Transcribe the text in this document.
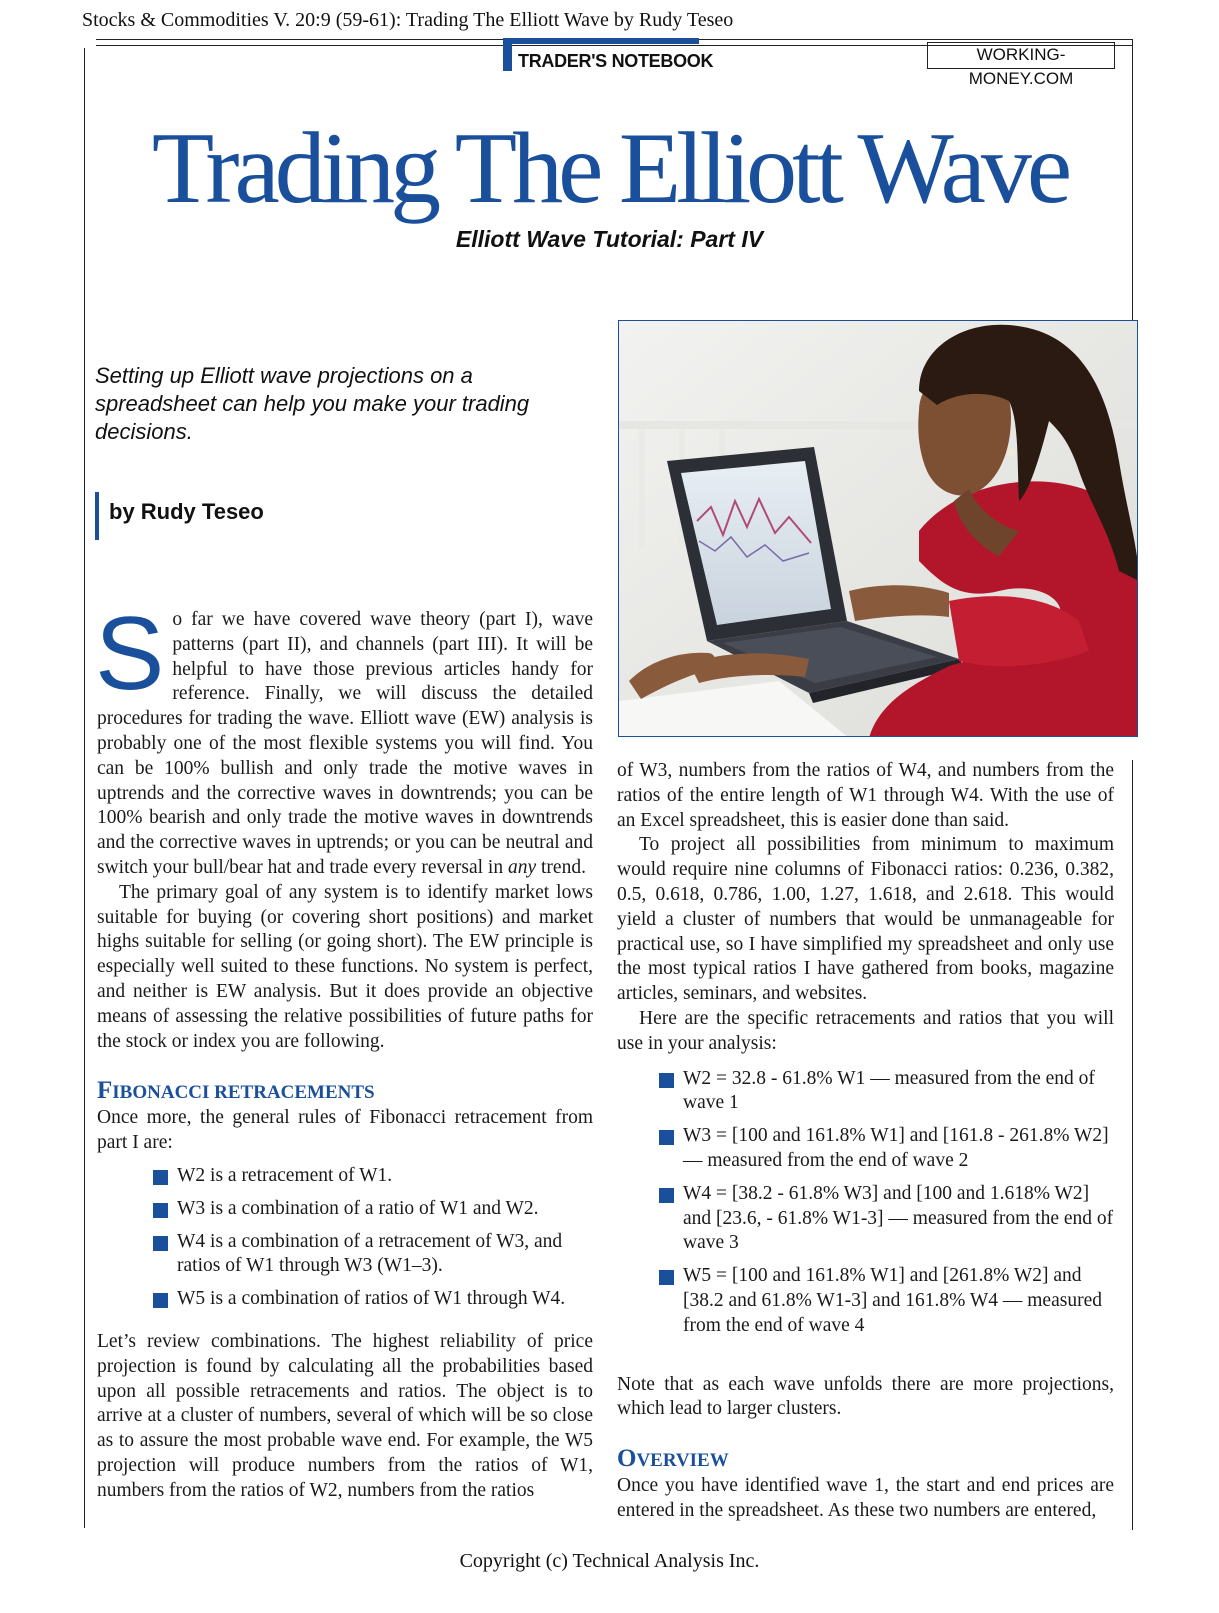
Stocks & Commodities V. 20:9 (59-61): Trading The Elliott Wave by Rudy Teseo
TRADER'S NOTEBOOK	WORKING-MONEY.COM
Trading The Elliott Wave
Elliott Wave Tutorial: Part IV
Setting up Elliott wave projections on a spreadsheet can help you make your trading decisions.
by Rudy Teseo

So far we have covered wave theory (part I), wave patterns (part II), and channels (part III). It will be helpful to have those previous articles handy for reference. Finally, we will discuss the detailed procedures for trading the wave. Elliott wave (EW) analysis is probably one of the most flexible systems you will find. You can be 100% bullish and only trade the motive waves in uptrends and the corrective waves in downtrends; you can be 100% bearish and only trade the motive waves in downtrends and the corrective waves in uptrends; or you can be neutral and switch your bull/bear hat and trade every reversal in any trend.

The primary goal of any system is to identify market lows suitable for buying (or covering short positions) and market highs suitable for selling (or going short). The EW principle is especially well suited to these functions. No system is perfect, and neither is EW analysis. But it does provide an objective means of assessing the relative possibilities of future paths for the stock or index you are following.

FIBONACCI RETRACEMENTS

Once more, the general rules of Fibonacci retracement from part I are:

W2 is a retracement of W1.
W3 is a combination of a ratio of W1 and W2.
W4 is a combination of a retracement of W3, and ratios of W1 through W3 (W1–3).
W5 is a combination of ratios of W1 through W4.

Let’s review combinations. The highest reliability of price projection is found by calculating all the probabilities based upon all possible retracements and ratios. The object is to arrive at a cluster of numbers, several of which will be so close as to assure the most probable wave end. For example, the W5 projection will produce numbers from the ratios of W1, numbers from the ratios of W2, numbers from the ratios

of W3, numbers from the ratios of W4, and numbers from the ratios of the entire length of W1 through W4. With the use of an Excel spreadsheet, this is easier done than said.

To project all possibilities from minimum to maximum would require nine columns of Fibonacci ratios: 0.236, 0.382, 0.5, 0.618, 0.786, 1.00, 1.27, 1.618, and 2.618. This would yield a cluster of numbers that would be unmanageable for practical use, so I have simplified my spreadsheet and only use the most typical ratios I have gathered from books, magazine articles, seminars, and websites.

Here are the specific retracements and ratios that you will use in your analysis:

W2 = 32.8 - 61.8% W1 — measured from the end of wave 1
W3 = [100 and 161.8% W1] and [161.8 - 261.8% W2] — measured from the end of wave 2
W4 = [38.2 - 61.8% W3] and [100 and 1.618% W2] and [23.6, - 61.8% W1-3] — measured from the end of wave 3
W5 = [100 and 161.8% W1] and [261.8% W2] and [38.2 and 61.8% W1-3] and 161.8% W4 — measured from the end of wave 4

Note that as each wave unfolds there are more projections, which lead to larger clusters.

OVERVIEW

Once you have identified wave 1, the start and end prices are entered in the spreadsheet. As these two numbers are entered,

Copyright (c) Technical Analysis Inc.
